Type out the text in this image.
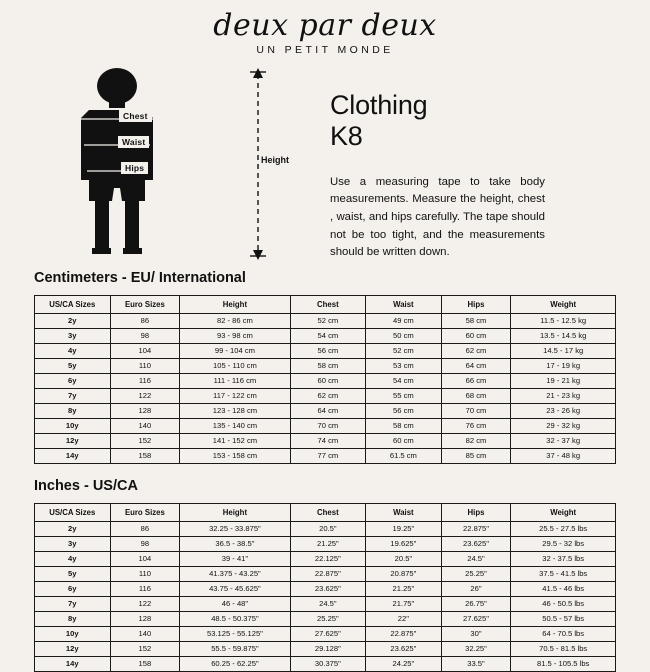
deux par deux
UN PETIT MONDE
Chest
Waist
Hips
Height
Clothing
K8

Use a measuring tape to take body measurements. Measure the height, chest , waist, and hips carefully. The tape should not be too tight, and the measurements should be written down.

Centimeters - EU/ International
US/CA Sizes	Euro Sizes	Height	Chest	Waist	Hips	Weight
2y	86	82 - 86 cm	52 cm	49 cm	58 cm	11.5 - 12.5 kg
3y	98	93 - 98 cm	54 cm	50 cm	60 cm	13.5 - 14.5 kg
4y	104	99 - 104 cm	56 cm	52 cm	62 cm	14.5 - 17 kg
5y	110	105 - 110 cm	58 cm	53 cm	64 cm	17 - 19 kg
6y	116	111 - 116 cm	60 cm	54 cm	66 cm	19 - 21 kg
7y	122	117 - 122 cm	62 cm	55 cm	68 cm	21 - 23 kg
8y	128	123 - 128 cm	64 cm	56 cm	70 cm	23 - 26 kg
10y	140	135 - 140 cm	70 cm	58 cm	76 cm	29 - 32 kg
12y	152	141 - 152 cm	74 cm	60 cm	82 cm	32 - 37 kg
14y	158	153 - 158 cm	77 cm	61.5 cm	85 cm	37 - 48 kg
Inches - US/CA
US/CA Sizes	Euro Sizes	Height	Chest	Waist	Hips	Weight
2y	86	32.25 - 33.875"	20.5"	19.25"	22.875"	25.5 - 27.5 lbs
3y	98	36.5 - 38.5"	21.25"	19.625"	23.625"	29.5 - 32 lbs
4y	104	39 - 41"	22.125"	20.5"	24.5"	32 - 37.5 lbs
5y	110	41.375 - 43.25"	22.875"	20.875"	25.25"	37.5 - 41.5 lbs
6y	116	43.75 - 45.625"	23.625"	21.25"	26"	41.5 - 46 lbs
7y	122	46 - 48"	24.5"	21.75"	26.75"	46 - 50.5 lbs
8y	128	48.5 - 50.375"	25.25"	22"	27.625"	50.5 - 57 lbs
10y	140	53.125 - 55.125"	27.625"	22.875"	30"	64 - 70.5 lbs
12y	152	55.5 - 59.875"	29.128"	23.625"	32.25"	70.5 - 81.5 lbs
14y	158	60.25 - 62.25"	30.375"	24.25"	33.5"	81.5 - 105.5 lbs
